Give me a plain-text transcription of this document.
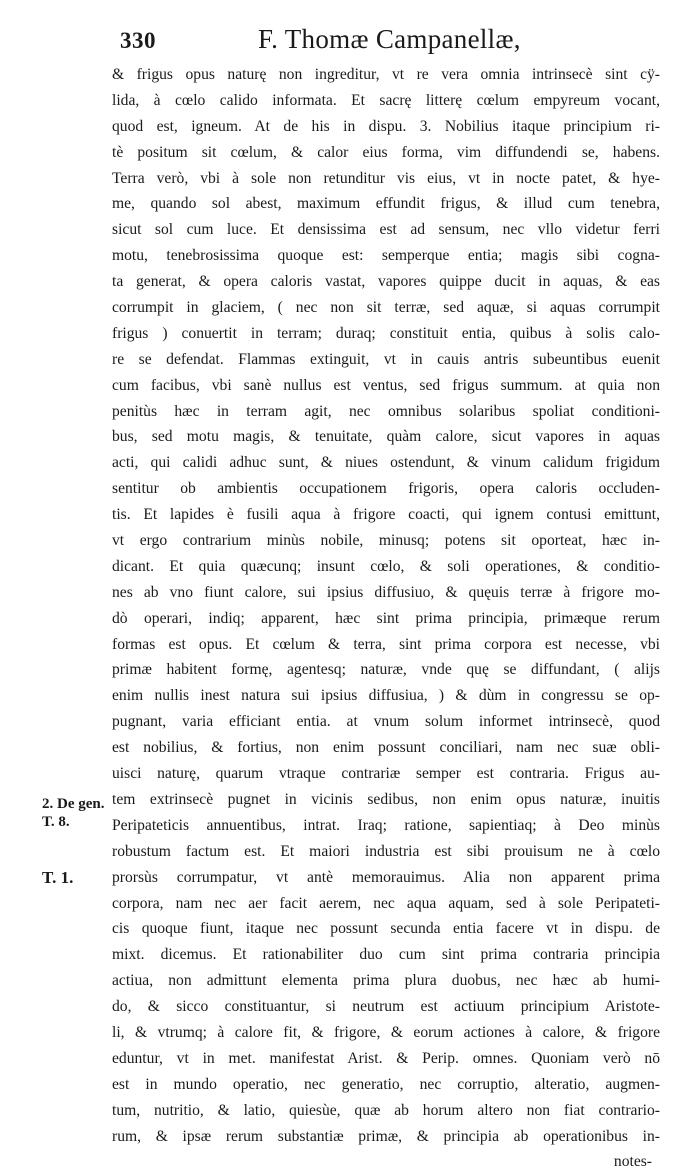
330	F. Thomæ Campanellæ,
& frigus opus naturę non ingreditur, vt re vera omnia intrinsecè sint cÿ-
lida, à cœlo calido informata. Et sacrę litterę cœlum empyreum vocant,
quod est, igneum. At de his in dispu. 3. Nobilius itaque principium ri-
tè positum sit cœlum, & calor eius forma, vim diffundendi se, habens.
Terra verò, vbi à sole non retunditur vis eius, vt in nocte patet, & hye-
me, quando sol abest, maximum effundit frigus, & illud cum tenebra,
sicut sol cum luce. Et densissima est ad sensum, nec vllo videtur ferri
motu, tenebrosissima quoque est: semperque entia; magis sibi cogna-
ta generat, & opera caloris vastat, vapores quippe ducit in aquas, & eas
corrumpit in glaciem, ( nec non sit terræ, sed aquæ, si aquas corrumpit
frigus ) conuertit in terram; duraq; constituit entia, quibus à solis calo-
re se defendat. Flammas extinguit, vt in cauis antris subeuntibus euenit
cum facibus, vbi sanè nullus est ventus, sed frigus summum. at quia non
penitùs hæc in terram agit, nec omnibus solaribus spoliat conditioni-
bus, sed motu magis, & tenuitate, quàm calore, sicut vapores in aquas
acti, qui calidi adhuc sunt, & niues ostendunt, & vinum calidum frigidum
sentitur ob ambientis occupationem frigoris, opera caloris occluden-
tis. Et lapides è fusili aqua à frigore coacti, qui ignem contusi emittunt,
vt ergo contrarium minùs nobile, minusq; potens sit oporteat, hæc in-
dicant. Et quia quæcunq; insunt cœlo, & soli operationes, & conditio-
nes ab vno fiunt calore, sui ipsius diffusiuo, & quęuis terræ à frigore mo-
dò operari, indiq; apparent, hæc sint prima principia, primæque rerum
formas est opus. Et cœlum & terra, sint prima corpora est necesse, vbi
primæ habitent formę, agentesq; naturæ, vnde quę se diffundant, ( alijs
enim nullis inest natura sui ipsius diffusiua, ) & dùm in congressu se op-
pugnant, varia efficiant entia. at vnum solum informet intrinsecè, quod
est nobilius, & fortius, non enim possunt conciliari, nam nec suæ obli-
uisci naturę, quarum vtraque contrariæ semper est contraria. Frigus au-
tem extrinsecè pugnet in vicinis sedibus, non enim opus naturæ, inuitis
Peripateticis annuentibus, intrat. Iraq; ratione, sapientiaq; à Deo minùs
robustum factum est. Et maiori industria est sibi prouisum ne à cœlo
prorsùs corrumpatur, vt antè memorauimus. Alia non apparent prima
corpora, nam nec aer facit aerem, nec aqua aquam, sed à sole Peripateti-
cis quoque fiunt, itaque nec possunt secunda entia facere vt in dispu. de
mixt. dicemus. Et rationabiliter duo cum sint prima contraria principia
actiua, non admittunt elementa prima plura duobus, nec hæc ab humi-
do, & sicco constituantur, si neutrum est actiuum principium Aristote-
li, & vtrumq; à calore fit, & frigore, & eorum actiones à calore, & frigore
eduntur, vt in met. manifestat Arist. & Perip. omnes. Quoniam verò nō
est in mundo operatio, nec generatio, nec corruptio, alteratio, augmen-
tum, nutritio, & latio, quiesùe, quæ ab horum altero non fiat contrario-
rum, & ipsæ rerum substantiæ primæ, & principia ab operationibus in-
notes-
2. De gen.
T. 8.
T. 1.
